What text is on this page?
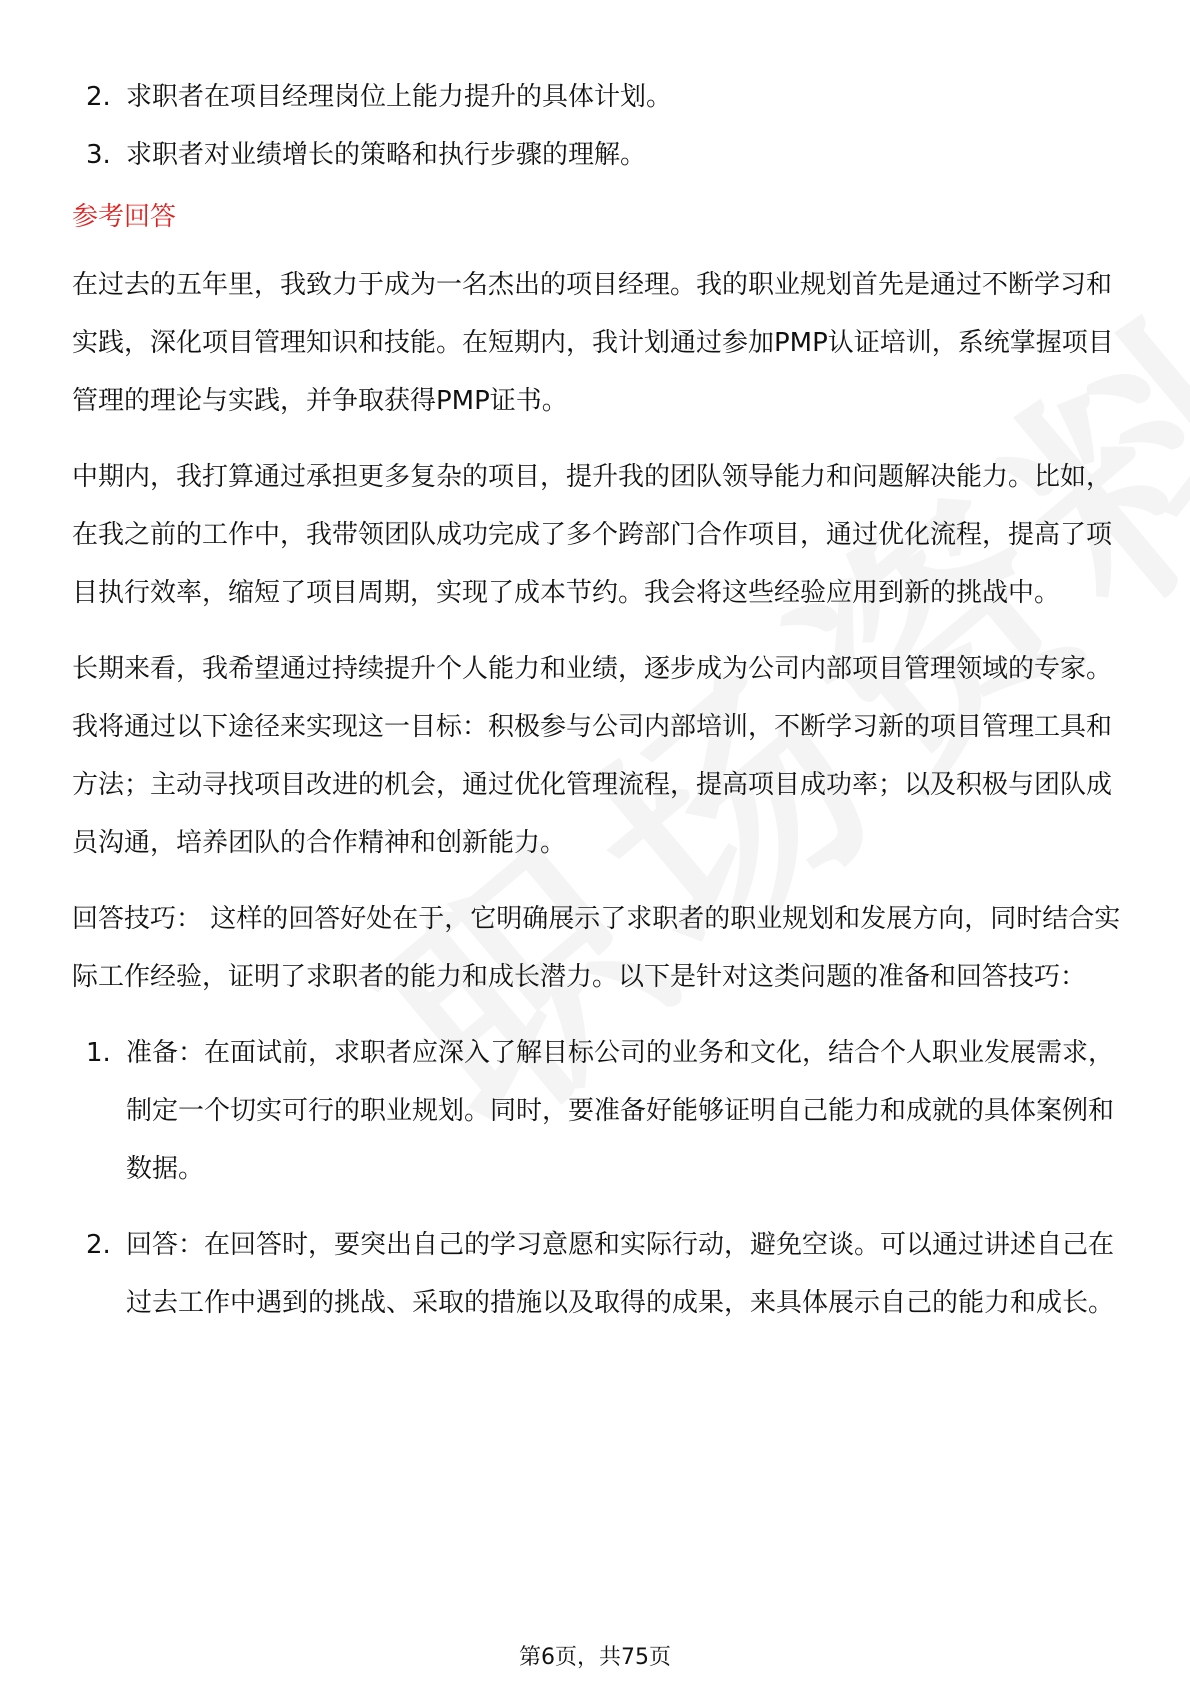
2. 求职者在项目经理岗位上能力提升的具体计划。
3. 求职者对业绩增长的策略和执行步骤的理解。
参考回答

在过去的五年里，我致力于成为一名杰出的项目经理。我的职业规划首先是通过不断学习和实践，深化项目管理知识和技能。在短期内，我计划通过参加PMP认证培训，系统掌握项目管理的理论与实践，并争取获得PMP证书。

中期内，我打算通过承担更多复杂的项目，提升我的团队领导能力和问题解决能力。比如，在我之前的工作中，我带领团队成功完成了多个跨部门合作项目，通过优化流程，提高了项目执行效率，缩短了项目周期，实现了成本节约。我会将这些经验应用到新的挑战中。

长期来看，我希望通过持续提升个人能力和业绩，逐步成为公司内部项目管理领域的专家。我将通过以下途径来实现这一目标：积极参与公司内部培训，不断学习新的项目管理工具和方法；主动寻找项目改进的机会，通过优化管理流程，提高项目成功率；以及积极与团队成员沟通，培养团队的合作精神和创新能力。

回答技巧： 这样的回答好处在于，它明确展示了求职者的职业规划和发展方向，同时结合实际工作经验，证明了求职者的能力和成长潜力。以下是针对这类问题的准备和回答技巧：

1. 准备：在面试前，求职者应深入了解目标公司的业务和文化，结合个人职业发展需求，制定一个切实可行的职业规划。同时，要准备好能够证明自己能力和成就的具体案例和数据。
2. 回答：在回答时，要突出自己的学习意愿和实际行动，避免空谈。可以通过讲述自己在过去工作中遇到的挑战、采取的措施以及取得的成果，来具体展示自己的能力和成长。
第6页，共75页
